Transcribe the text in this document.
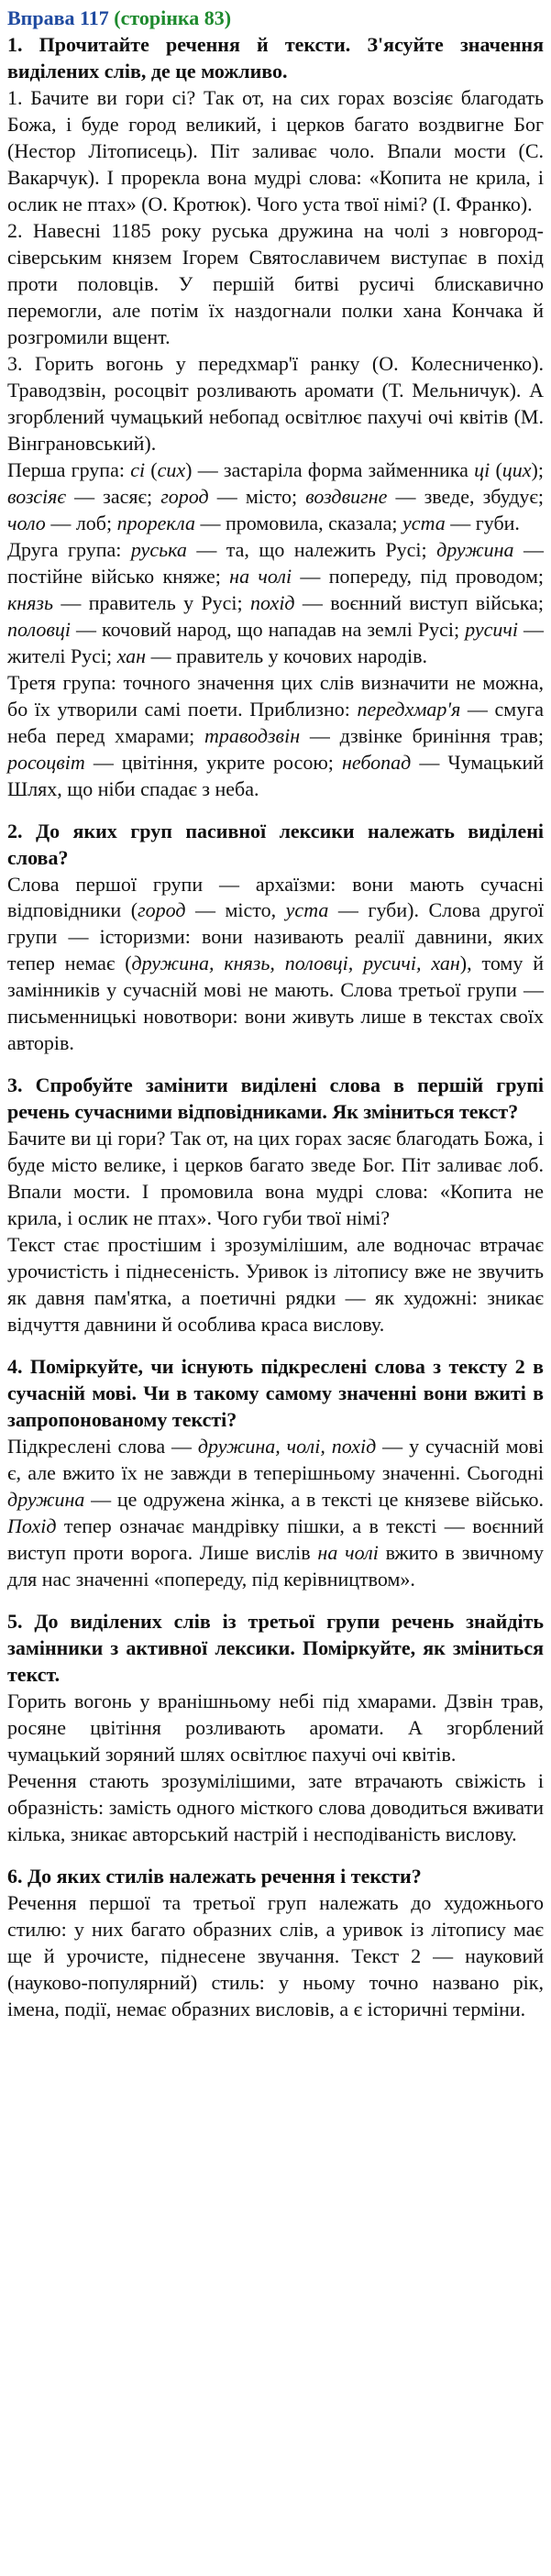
Вправа 117 (сторінка 83)

1. Прочитайте речення й тексти. З'ясуйте значення виділених слів, де це можливо.

1. Бачите ви гори сі? Так от, на сих горах возсіяє благодать Божа, і буде город великий, і церков багато воздвигне Бог (Нестор Літописець). Піт заливає чоло. Впали мости (С. Вакарчук). І прорекла вона мудрі слова: «Копита не крила, і ослик не птах» (О. Кротюк). Чого уста твої німі? (І. Франко).

2. Навесні 1185 року руська дружина на чолі з новгород-сіверським князем Ігорем Святославичем виступає в похід проти половців. У першій битві русичі блискавично перемогли, але потім їх наздогнали полки хана Кончака й розгромили вщент.

3. Горить вогонь у передхмар'ї ранку (О. Колесниченко). Траводзвін, росоцвіт розливають аромати (Т. Мельничук). А згорблений чумацький небопад освітлює пахучі очі квітів (М. Вінграновський).

Перша група: сі (сих) — застаріла форма займенника ці (цих); возсіяє — засяє; город — місто; воздвигне — зведе, збудує; чоло — лоб; прорекла — промовила, сказала; уста — губи.

Друга група: руська — та, що належить Русі; дружина — постійне військо княже; на чолі — попереду, під проводом; князь — правитель у Русі; похід — воєнний виступ війська; половці — кочовий народ, що нападав на землі Русі; русичі — жителі Русі; хан — правитель у кочових народів.

Третя група: точного значення цих слів визначити не можна, бо їх утворили самі поети. Приблизно: передхмар'я — смуга неба перед хмарами; траводзвін — дзвінке бриніння трав; росоцвіт — цвітіння, укрите росою; небопад — Чумацький Шлях, що ніби спадає з неба.

2. До яких груп пасивної лексики належать виділені слова?

Слова першої групи — архаїзми: вони мають сучасні відповідники (город — місто, уста — губи). Слова другої групи — історизми: вони називають реалії давнини, яких тепер немає (дружина, князь, половці, русичі, хан), тому й замінників у сучасній мові не мають. Слова третьої групи — письменницькі новотвори: вони живуть лише в текстах своїх авторів.

3. Спробуйте замінити виділені слова в першій групі речень сучасними відповідниками. Як зміниться текст?

Бачите ви ці гори? Так от, на цих горах засяє благодать Божа, і буде місто велике, і церков багато зведе Бог. Піт заливає лоб. Впали мости. І промовила вона мудрі слова: «Копита не крила, і ослик не птах». Чого губи твої німі?

Текст стає простішим і зрозумілішим, але водночас втрачає урочистість і піднесеність. Уривок із літопису вже не звучить як давня пам'ятка, а поетичні рядки — як художні: зникає відчуття давнини й особлива краса вислову.

4. Поміркуйте, чи існують підкреслені слова з тексту 2 в сучасній мові. Чи в такому самому значенні вони вжиті в запропонованому тексті?

Підкреслені слова — дружина, чолі, похід — у сучасній мові є, але вжито їх не завжди в теперішньому значенні. Сьогодні дружина — це одружена жінка, а в тексті це князеве військо. Похід тепер означає мандрівку пішки, а в тексті — воєнний виступ проти ворога. Лише вислів на чолі вжито в звичному для нас значенні «попереду, під керівництвом».

5. До виділених слів із третьої групи речень знайдіть замінники з активної лексики. Поміркуйте, як зміниться текст.

Горить вогонь у вранішньому небі під хмарами. Дзвін трав, росяне цвітіння розливають аромати. А згорблений чумацький зоряний шлях освітлює пахучі очі квітів.

Речення стають зрозумілішими, зате втрачають свіжість і образність: замість одного місткого слова доводиться вживати кілька, зникає авторський настрій і несподіваність вислову.

6. До яких стилів належать речення і тексти?

Речення першої та третьої груп належать до художнього стилю: у них багато образних слів, а уривок із літопису має ще й урочисте, піднесене звучання. Текст 2 — науковий (науково-популярний) стиль: у ньому точно названо рік, імена, події, немає образних висловів, а є історичні терміни.
